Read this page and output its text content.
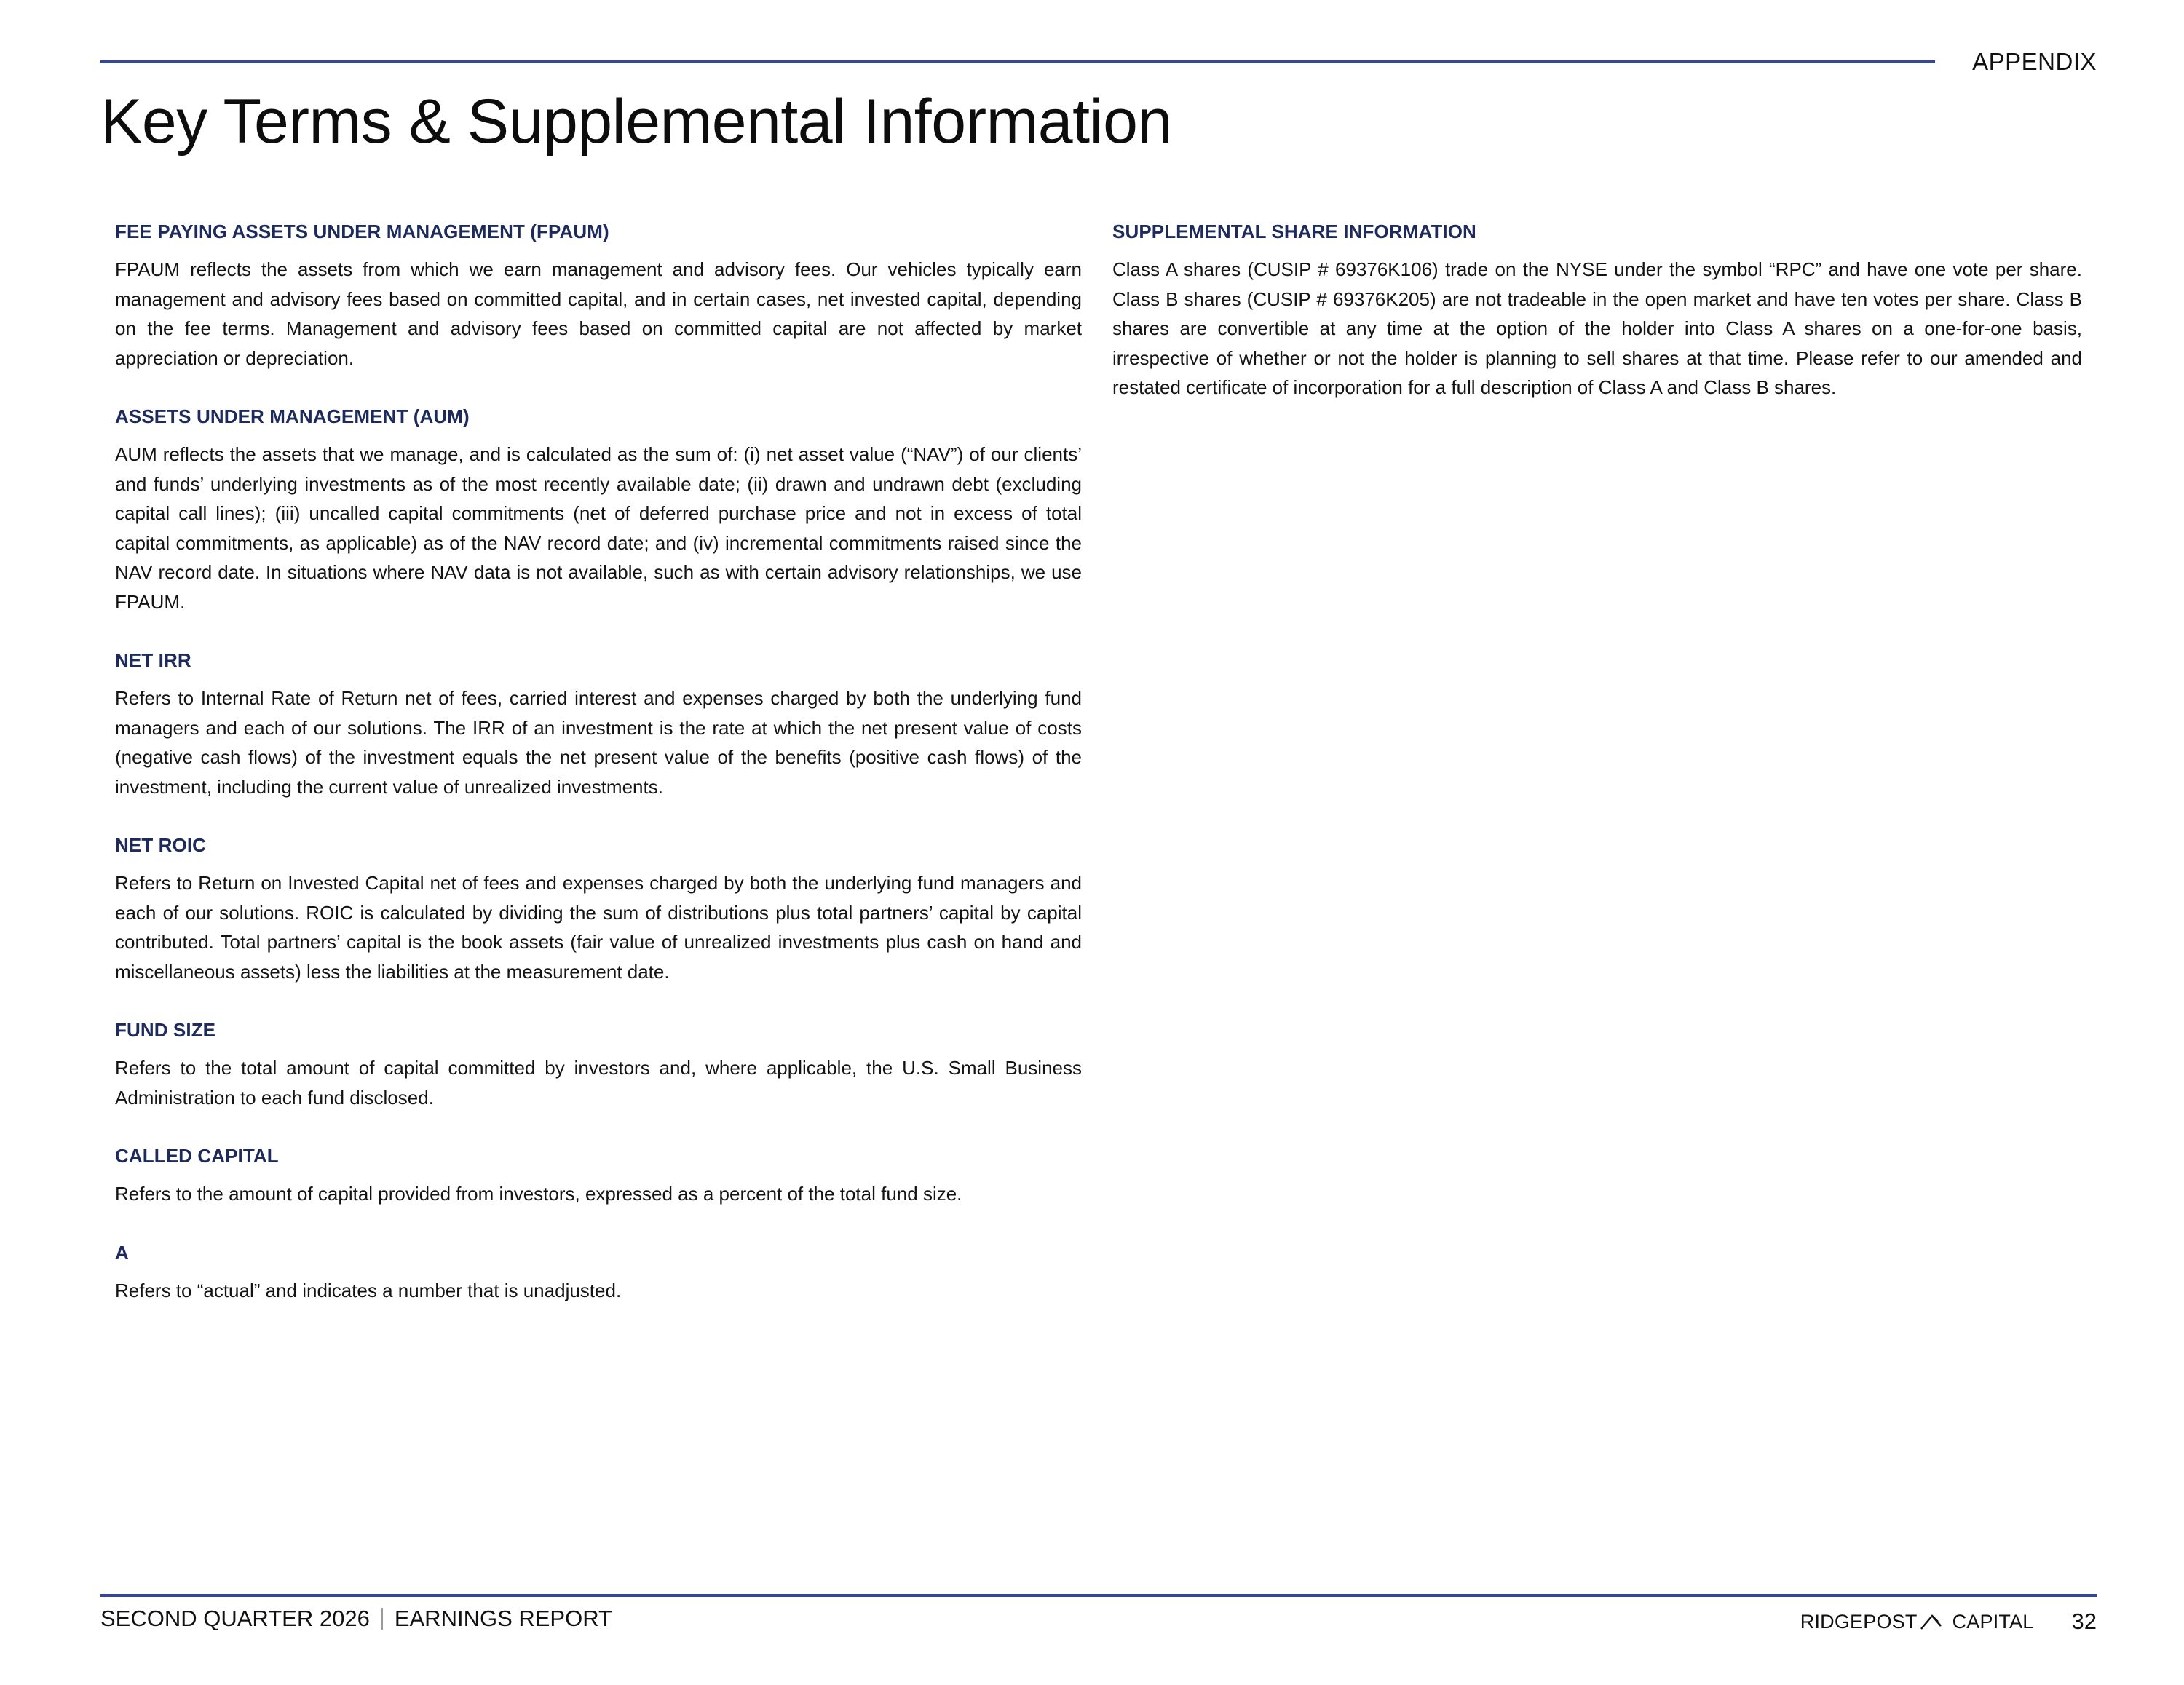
APPENDIX
Key Terms & Supplemental Information
FEE PAYING ASSETS UNDER MANAGEMENT (FPAUM)

FPAUM reflects the assets from which we earn management and advisory fees. Our vehicles typically earn management and advisory fees based on committed capital, and in certain cases, net invested capital, depending on the fee terms. Management and advisory fees based on committed capital are not affected by market appreciation or depreciation.

ASSETS UNDER MANAGEMENT (AUM)

AUM reflects the assets that we manage, and is calculated as the sum of: (i) net asset value (“NAV”) of our clients’ and funds’ underlying investments as of the most recently available date; (ii) drawn and undrawn debt (excluding capital call lines); (iii) uncalled capital commitments (net of deferred purchase price and not in excess of total capital commitments, as applicable) as of the NAV record date; and (iv) incremental commitments raised since the NAV record date. In situations where NAV data is not available, such as with certain advisory relationships, we use FPAUM.

NET IRR

Refers to Internal Rate of Return net of fees, carried interest and expenses charged by both the underlying fund managers and each of our solutions. The IRR of an investment is the rate at which the net present value of costs (negative cash flows) of the investment equals the net present value of the benefits (positive cash flows) of the investment, including the current value of unrealized investments.

NET ROIC

Refers to Return on Invested Capital net of fees and expenses charged by both the underlying fund managers and each of our solutions. ROIC is calculated by dividing the sum of distributions plus total partners’ capital by capital contributed. Total partners’ capital is the book assets (fair value of unrealized investments plus cash on hand and miscellaneous assets) less the liabilities at the measurement date.

FUND SIZE

Refers to the total amount of capital committed by investors and, where applicable, the U.S. Small Business Administration to each fund disclosed.

CALLED CAPITAL

Refers to the amount of capital provided from investors, expressed as a percent of the total fund size.

A

Refers to “actual” and indicates a number that is unadjusted.

SUPPLEMENTAL SHARE INFORMATION

Class A shares (CUSIP # 69376K106) trade on the NYSE under the symbol “RPC” and have one vote per share. Class B shares (CUSIP # 69376K205) are not tradeable in the open market and have ten votes per share. Class B shares are convertible at any time at the option of the holder into Class A shares on a one-for-one basis, irrespective of whether or not the holder is planning to sell shares at that time. Please refer to our amended and restated certificate of incorporation for a full description of Class A and Class B shares.

SECOND QUARTER 2026 EARNINGS REPORT	RIDGEPOST CAPITAL 32
